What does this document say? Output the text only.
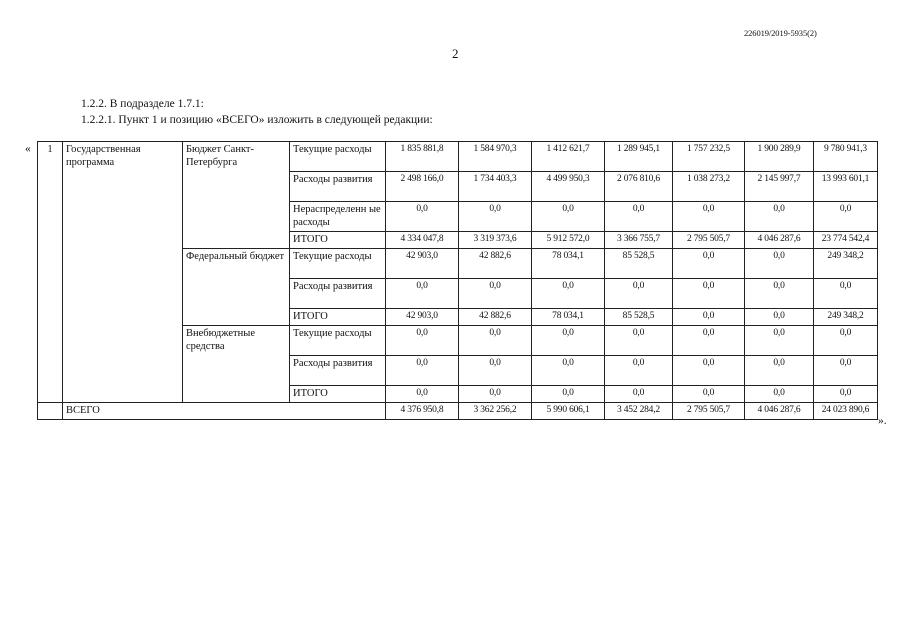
226019/2019-5935(2)
2
1.2.2. В подразделе 1.7.1:
1.2.2.1. Пункт 1 и позицию «ВСЕГО» изложить в следующей редакции:
«
».
1	Государственная программа	Бюджет Санкт-Петербурга	Текущие расходы	1 835 881,8	1 584 970,3	1 412 621,7	1 289 945,1	1 757 232,5	1 900 289,9	9 780 941,3
			Расходы развития	2 498 166,0	1 734 403,3	4 499 950,3	2 076 810,6	1 038 273,2	2 145 997,7	13 993 601,1
			Нераспределенн ые расходы	0,0	0,0	0,0	0,0	0,0	0,0	0,0
			ИТОГО	4 334 047,8	3 319 373,6	5 912 572,0	3 366 755,7	2 795 505,7	4 046 287,6	23 774 542,4
		Федеральный бюджет	Текущие расходы	42 903,0	42 882,6	78 034,1	85 528,5	0,0	0,0	249 348,2
			Расходы развития	0,0	0,0	0,0	0,0	0,0	0,0	0,0
			ИТОГО	42 903,0	42 882,6	78 034,1	85 528,5	0,0	0,0	249 348,2
		Внебюджетные средства	Текущие расходы	0,0	0,0	0,0	0,0	0,0	0,0	0,0
			Расходы развития	0,0	0,0	0,0	0,0	0,0	0,0	0,0
			ИТОГО	0,0	0,0	0,0	0,0	0,0	0,0	0,0
	ВСЕГО			4 376 950,8	3 362 256,2	5 990 606,1	3 452 284,2	2 795 505,7	4 046 287,6	24 023 890,6
